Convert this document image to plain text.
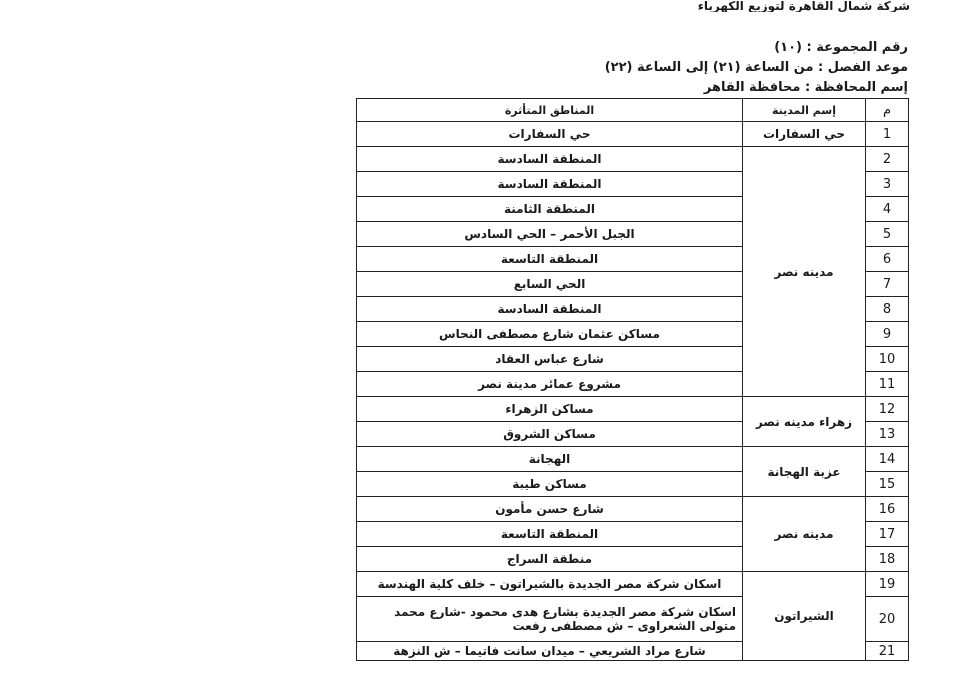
شركة شمال القاهرة لتوزيع الكهرباء
رقم المجموعة : (١٠)
موعد الفصل : من الساعة (٢١) إلى الساعة (٢٢)
إسم المحافظة : محافظة القاهر
م	إسم المدينة	المناطق المتأثرة
1	حي السفارات	حي السفارات
2	مدينه نصر	المنطقة السادسة
3		المنطقة السادسة
4		المنطقة الثامنة
5		الجبل الأحمر – الحي السادس
6		المنطقة التاسعة
7		الحي السابع
8		المنطقة السادسة
9		مساكن عثمان شارع مصطفى النحاس
10		شارع عباس العقاد
11		مشروع عمائر مدينة نصر
12	زهراء مدينه نصر	مساكن الزهراء
13		مساكن الشروق
14	عزبة الهجانة	الهجانة
15		مساكن طيبة
16	مدينه نصر	شارع حسن مأمون
17		المنطقة التاسعة
18		منطقة السراج
19	الشيراتون	اسكان شركة مصر الجديدة بالشيراتون – خلف كلية الهندسة
20		اسكان شركة مصر الجديدة بشارع هدى محمود -شارع محمد متولى الشعراوى – ش مصطفى رفعت
21		شارع مراد الشريعي – ميدان سانت فاتيما – ش النزهة
